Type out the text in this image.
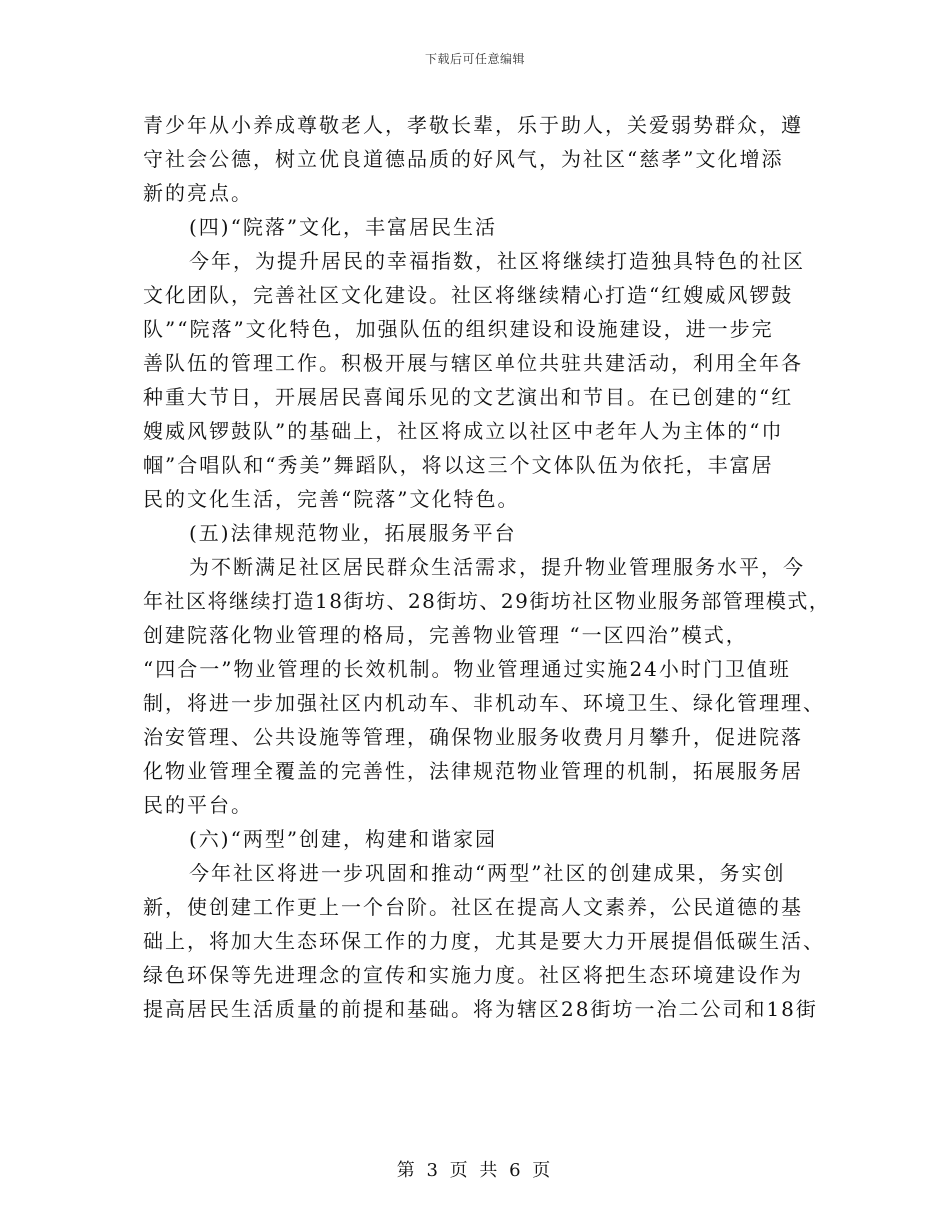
下载后可任意编辑
青少年从小养成尊敬老人，孝敬长辈，乐于助人，关爱弱势群众，遵
守社会公德，树立优良道德品质的好风气，为社区“慈孝”文化增添
新的亮点。
(四)“院落”文化，丰富居民生活
今年，为提升居民的幸福指数，社区将继续打造独具特色的社区
文化团队，完善社区文化建设。社区将继续精心打造“红嫂威风锣鼓
队”“院落”文化特色，加强队伍的组织建设和设施建设，进一步完
善队伍的管理工作。积极开展与辖区单位共驻共建活动，利用全年各
种重大节日，开展居民喜闻乐见的文艺演出和节目。在已创建的“红
嫂威风锣鼓队”的基础上，社区将成立以社区中老年人为主体的“巾
帼”合唱队和“秀美”舞蹈队，将以这三个文体队伍为依托，丰富居
民的文化生活，完善“院落”文化特色。
(五)法律规范物业，拓展服务平台
为不断满足社区居民群众生活需求，提升物业管理服务水平，今
年社区将继续打造18街坊、28街坊、29街坊社区物业服务部管理模式，
创建院落化物业管理的格局，完善物业管理 “一区四治”模式，
“四合一”物业管理的长效机制。物业管理通过实施24小时门卫值班
制，将进一步加强社区内机动车、非机动车、环境卫生、绿化管理理、
治安管理、公共设施等管理，确保物业服务收费月月攀升，促进院落
化物业管理全覆盖的完善性，法律规范物业管理的机制，拓展服务居
民的平台。
(六)“两型”创建，构建和谐家园
今年社区将进一步巩固和推动“两型”社区的创建成果，务实创
新，使创建工作更上一个台阶。社区在提高人文素养，公民道德的基
础上，将加大生态环保工作的力度，尤其是要大力开展提倡低碳生活、
绿色环保等先进理念的宣传和实施力度。社区将把生态环境建设作为
提高居民生活质量的前提和基础。将为辖区28街坊一冶二公司和18街
第 3 页 共 6 页
